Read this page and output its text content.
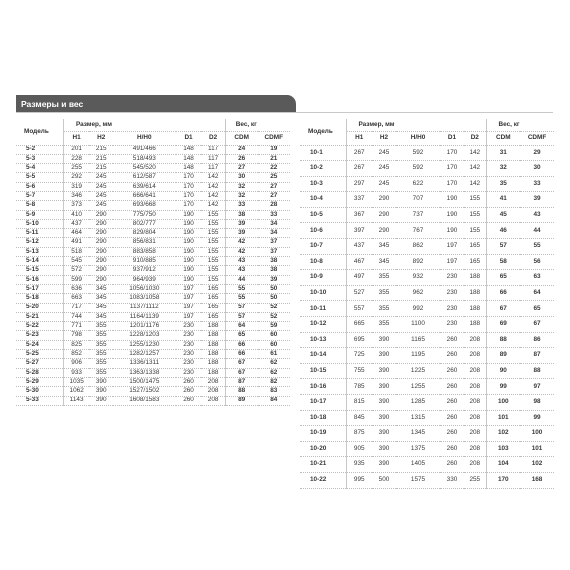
Размеры и вес
Модель	Размер, мм					Вес, кг	
	H1	H2	H/H0	D1	D2	CDM	CDMF
5-2	201	215	491/466	148	117	24	19
5-3	228	215	518/493	148	117	26	21
5-4	255	215	545/520	148	117	27	22
5-5	292	245	612/587	170	142	30	25
5-6	319	245	639/614	170	142	32	27
5-7	346	245	666/641	170	142	32	27
5-8	373	245	693/668	170	142	33	28
5-9	410	290	775/750	190	155	38	33
5-10	437	290	802/777	190	155	39	34
5-11	464	290	829/804	190	155	39	34
5-12	491	290	856/831	190	155	42	37
5-13	518	290	883/858	190	155	42	37
5-14	545	290	910/885	190	155	43	38
5-15	572	290	937/912	190	155	43	38
5-16	599	290	964/939	190	155	44	39
5-17	636	345	1056/1030	197	165	55	50
5-18	663	345	1083/1058	197	165	55	50
5-20	717	345	1137/1112	197	165	57	52
5-21	744	345	1164/1139	197	165	57	52
5-22	771	355	1201/1176	230	188	64	59
5-23	798	355	1228/1203	230	188	65	60
5-24	825	355	1255/1230	230	188	66	60
5-25	852	355	1282/1257	230	188	66	61
5-27	906	355	1336/1311	230	188	67	62
5-28	933	355	1363/1338	230	188	67	62
5-29	1035	390	1500/1475	260	208	87	82
5-30	1062	390	1527/1502	260	208	88	83
5-33	1143	390	1608/1583	260	208	89	84
	Модель	Размер, мм					Вес, кг	
		H1	H2	H/H0	D1	D2	CDM	CDMF
	10-1	267	245	592	170	142	31	29
	10-2	267	245	592	170	142	32	30
	10-3	297	245	622	170	142	35	33
	10-4	337	290	707	190	155	41	39
	10-5	367	290	737	190	155	45	43
	10-6	397	290	767	190	155	46	44
	10-7	437	345	862	197	165	57	55
	10-8	467	345	892	197	165	58	56
	10-9	497	355	932	230	188	65	63
	10-10	527	355	962	230	188	66	64
	10-11	557	355	992	230	188	67	65
	10-12	665	355	1100	230	188	69	67
	10-13	695	390	1165	260	208	88	86
	10-14	725	390	1195	260	208	89	87
	10-15	755	390	1225	260	208	90	88
	10-16	785	390	1255	260	208	99	97
	10-17	815	390	1285	260	208	100	98
	10-18	845	390	1315	260	208	101	99
	10-19	875	390	1345	260	208	102	100
	10-20	905	390	1375	260	208	103	101
	10-21	935	390	1405	260	208	104	102
	10-22	995	500	1575	330	255	170	168
